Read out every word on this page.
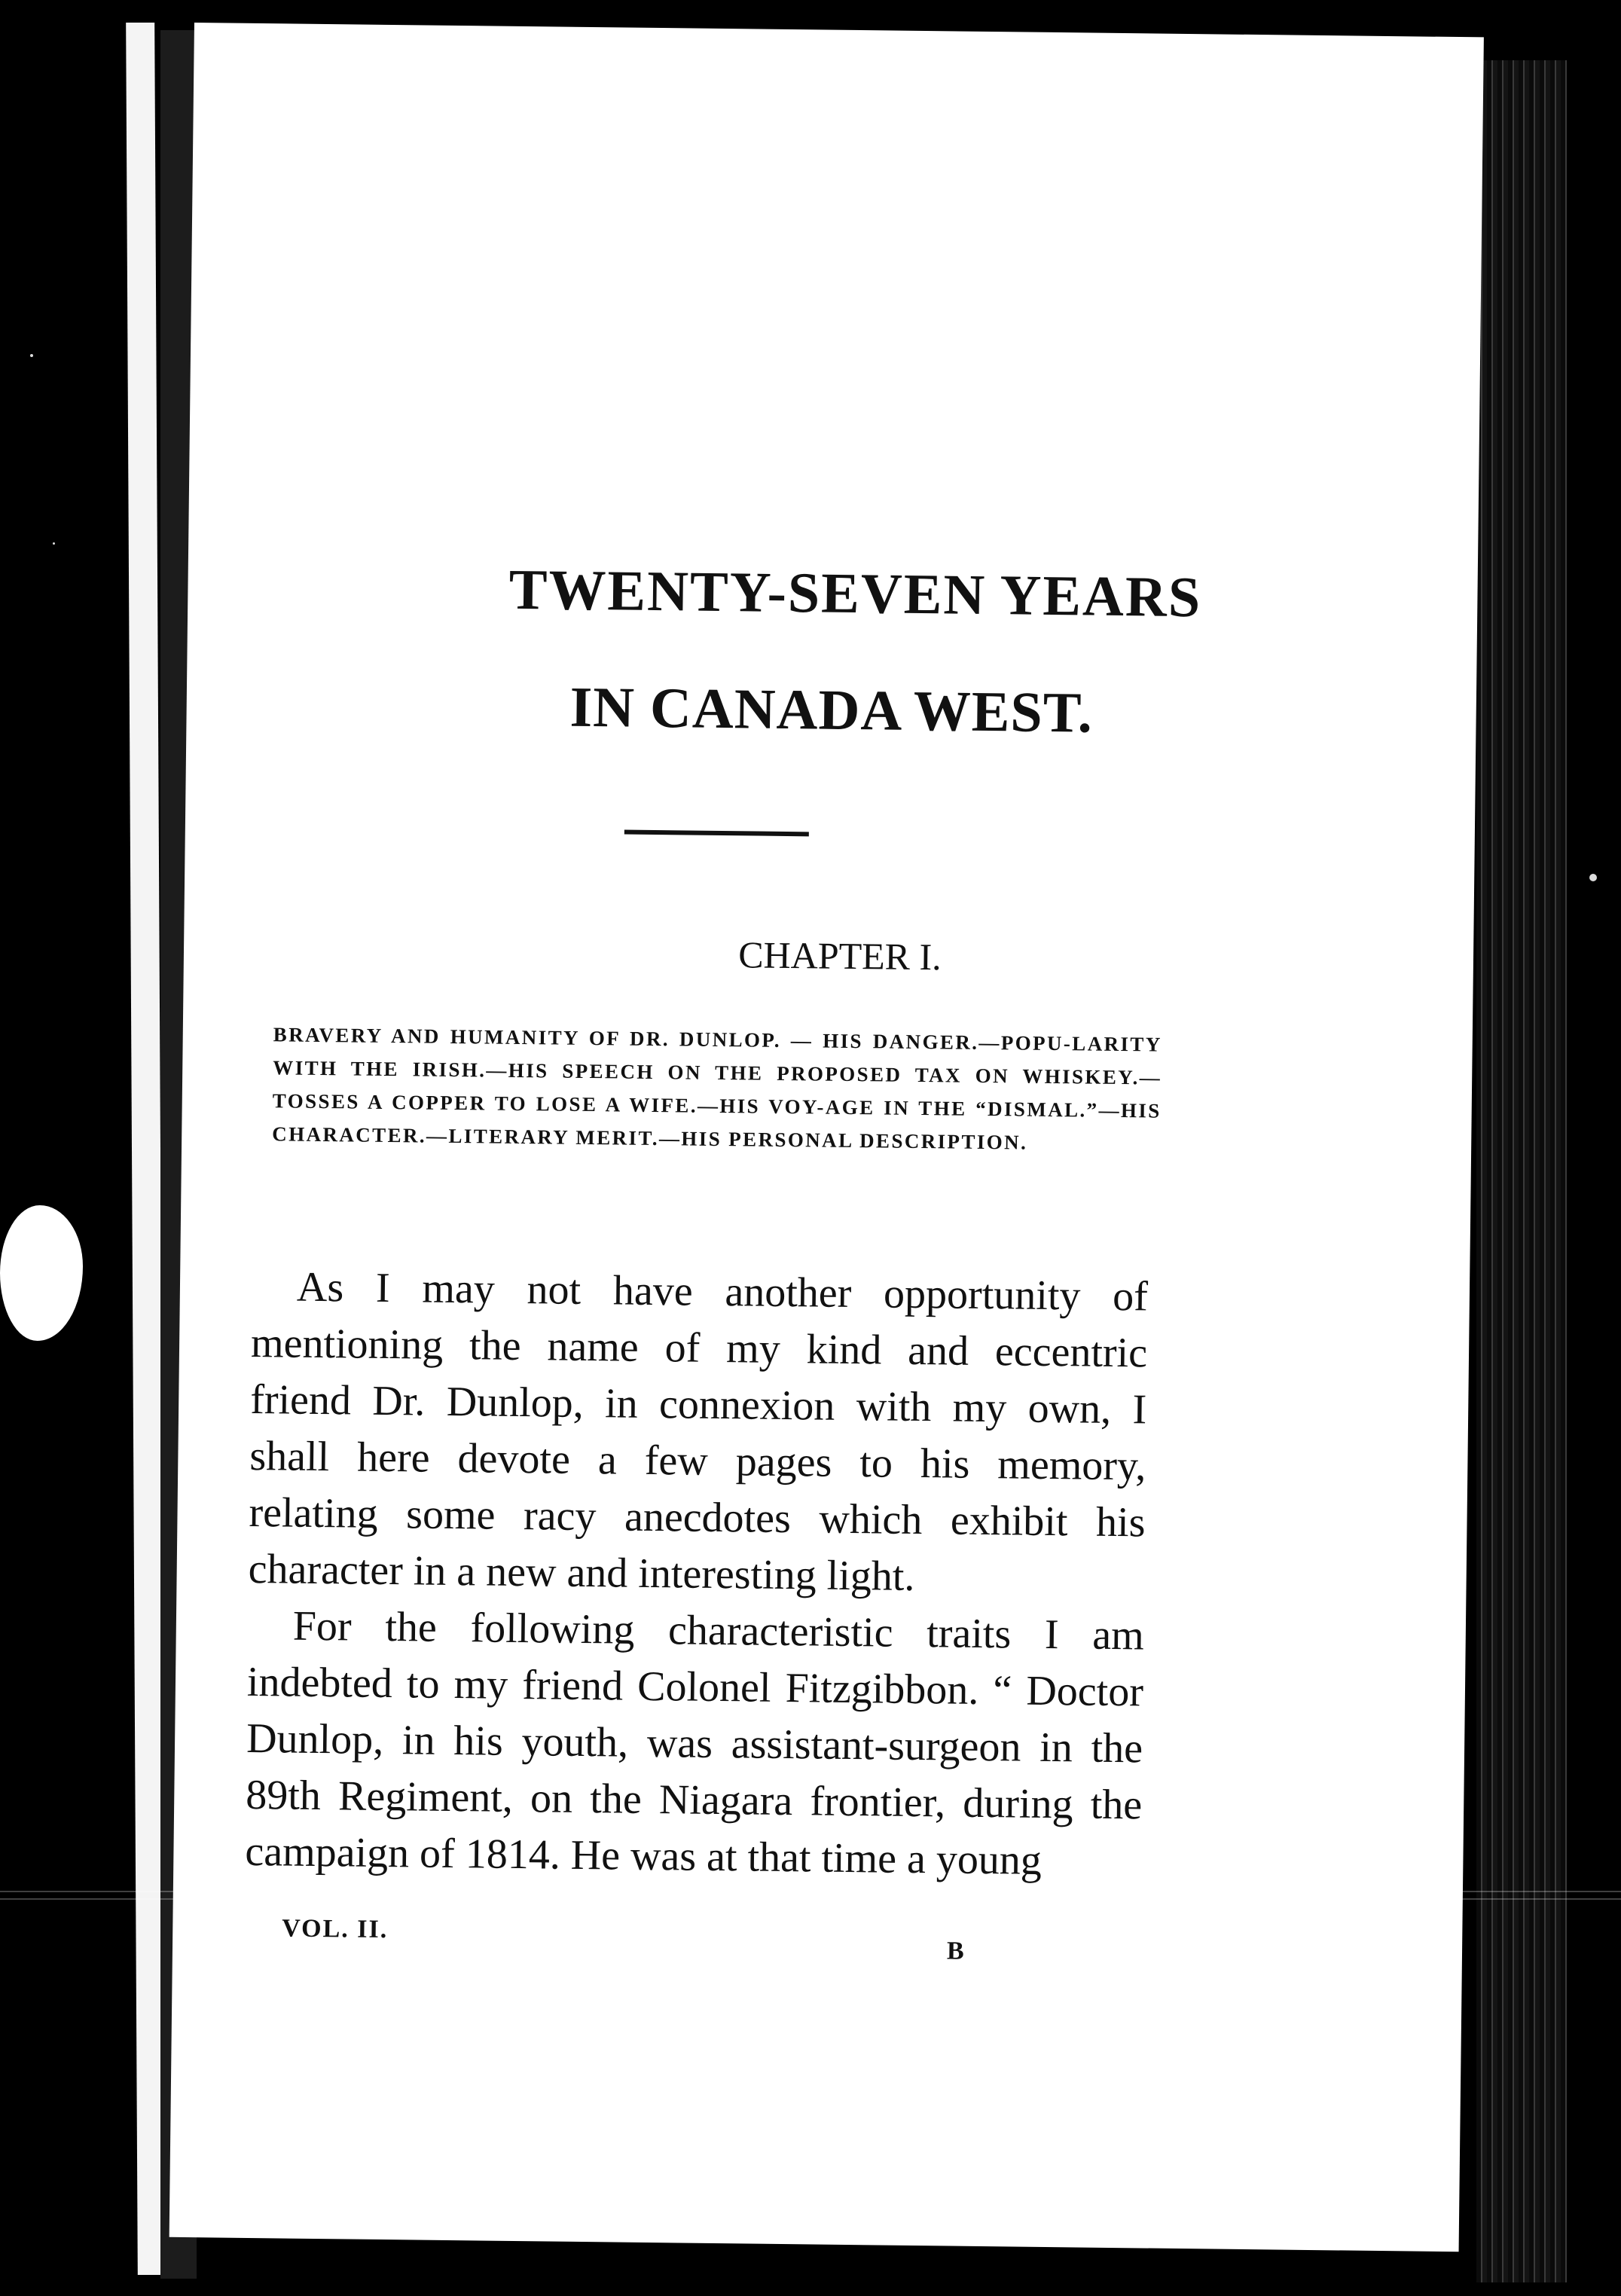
TWENTY-SEVEN YEARS
IN CANADA WEST.
CHAPTER I.
BRAVERY AND HUMANITY OF DR. DUNLOP. — HIS DANGER.—POPU-LARITY WITH THE IRISH.—HIS SPEECH ON THE PROPOSED TAX ON WHISKEY.—TOSSES A COPPER TO LOSE A WIFE.—HIS VOY-AGE IN THE “DISMAL.”—HIS CHARACTER.—LITERARY MERIT.—HIS PERSONAL DESCRIPTION.

As I may not have another opportunity of mentioning the name of my kind and eccentric friend Dr. Dunlop, in connexion with my own, I shall here devote a few pages to his memory, relating some racy anecdotes which exhibit his character in a new and interesting light.

For the following characteristic traits I am indebted to my friend Colonel Fitzgibbon. “ Doctor Dunlop, in his youth, was assistant-surgeon in the 89th Regiment, on the Niagara frontier, during the campaign of 1814. He was at that time a young

VOL. II.
B
